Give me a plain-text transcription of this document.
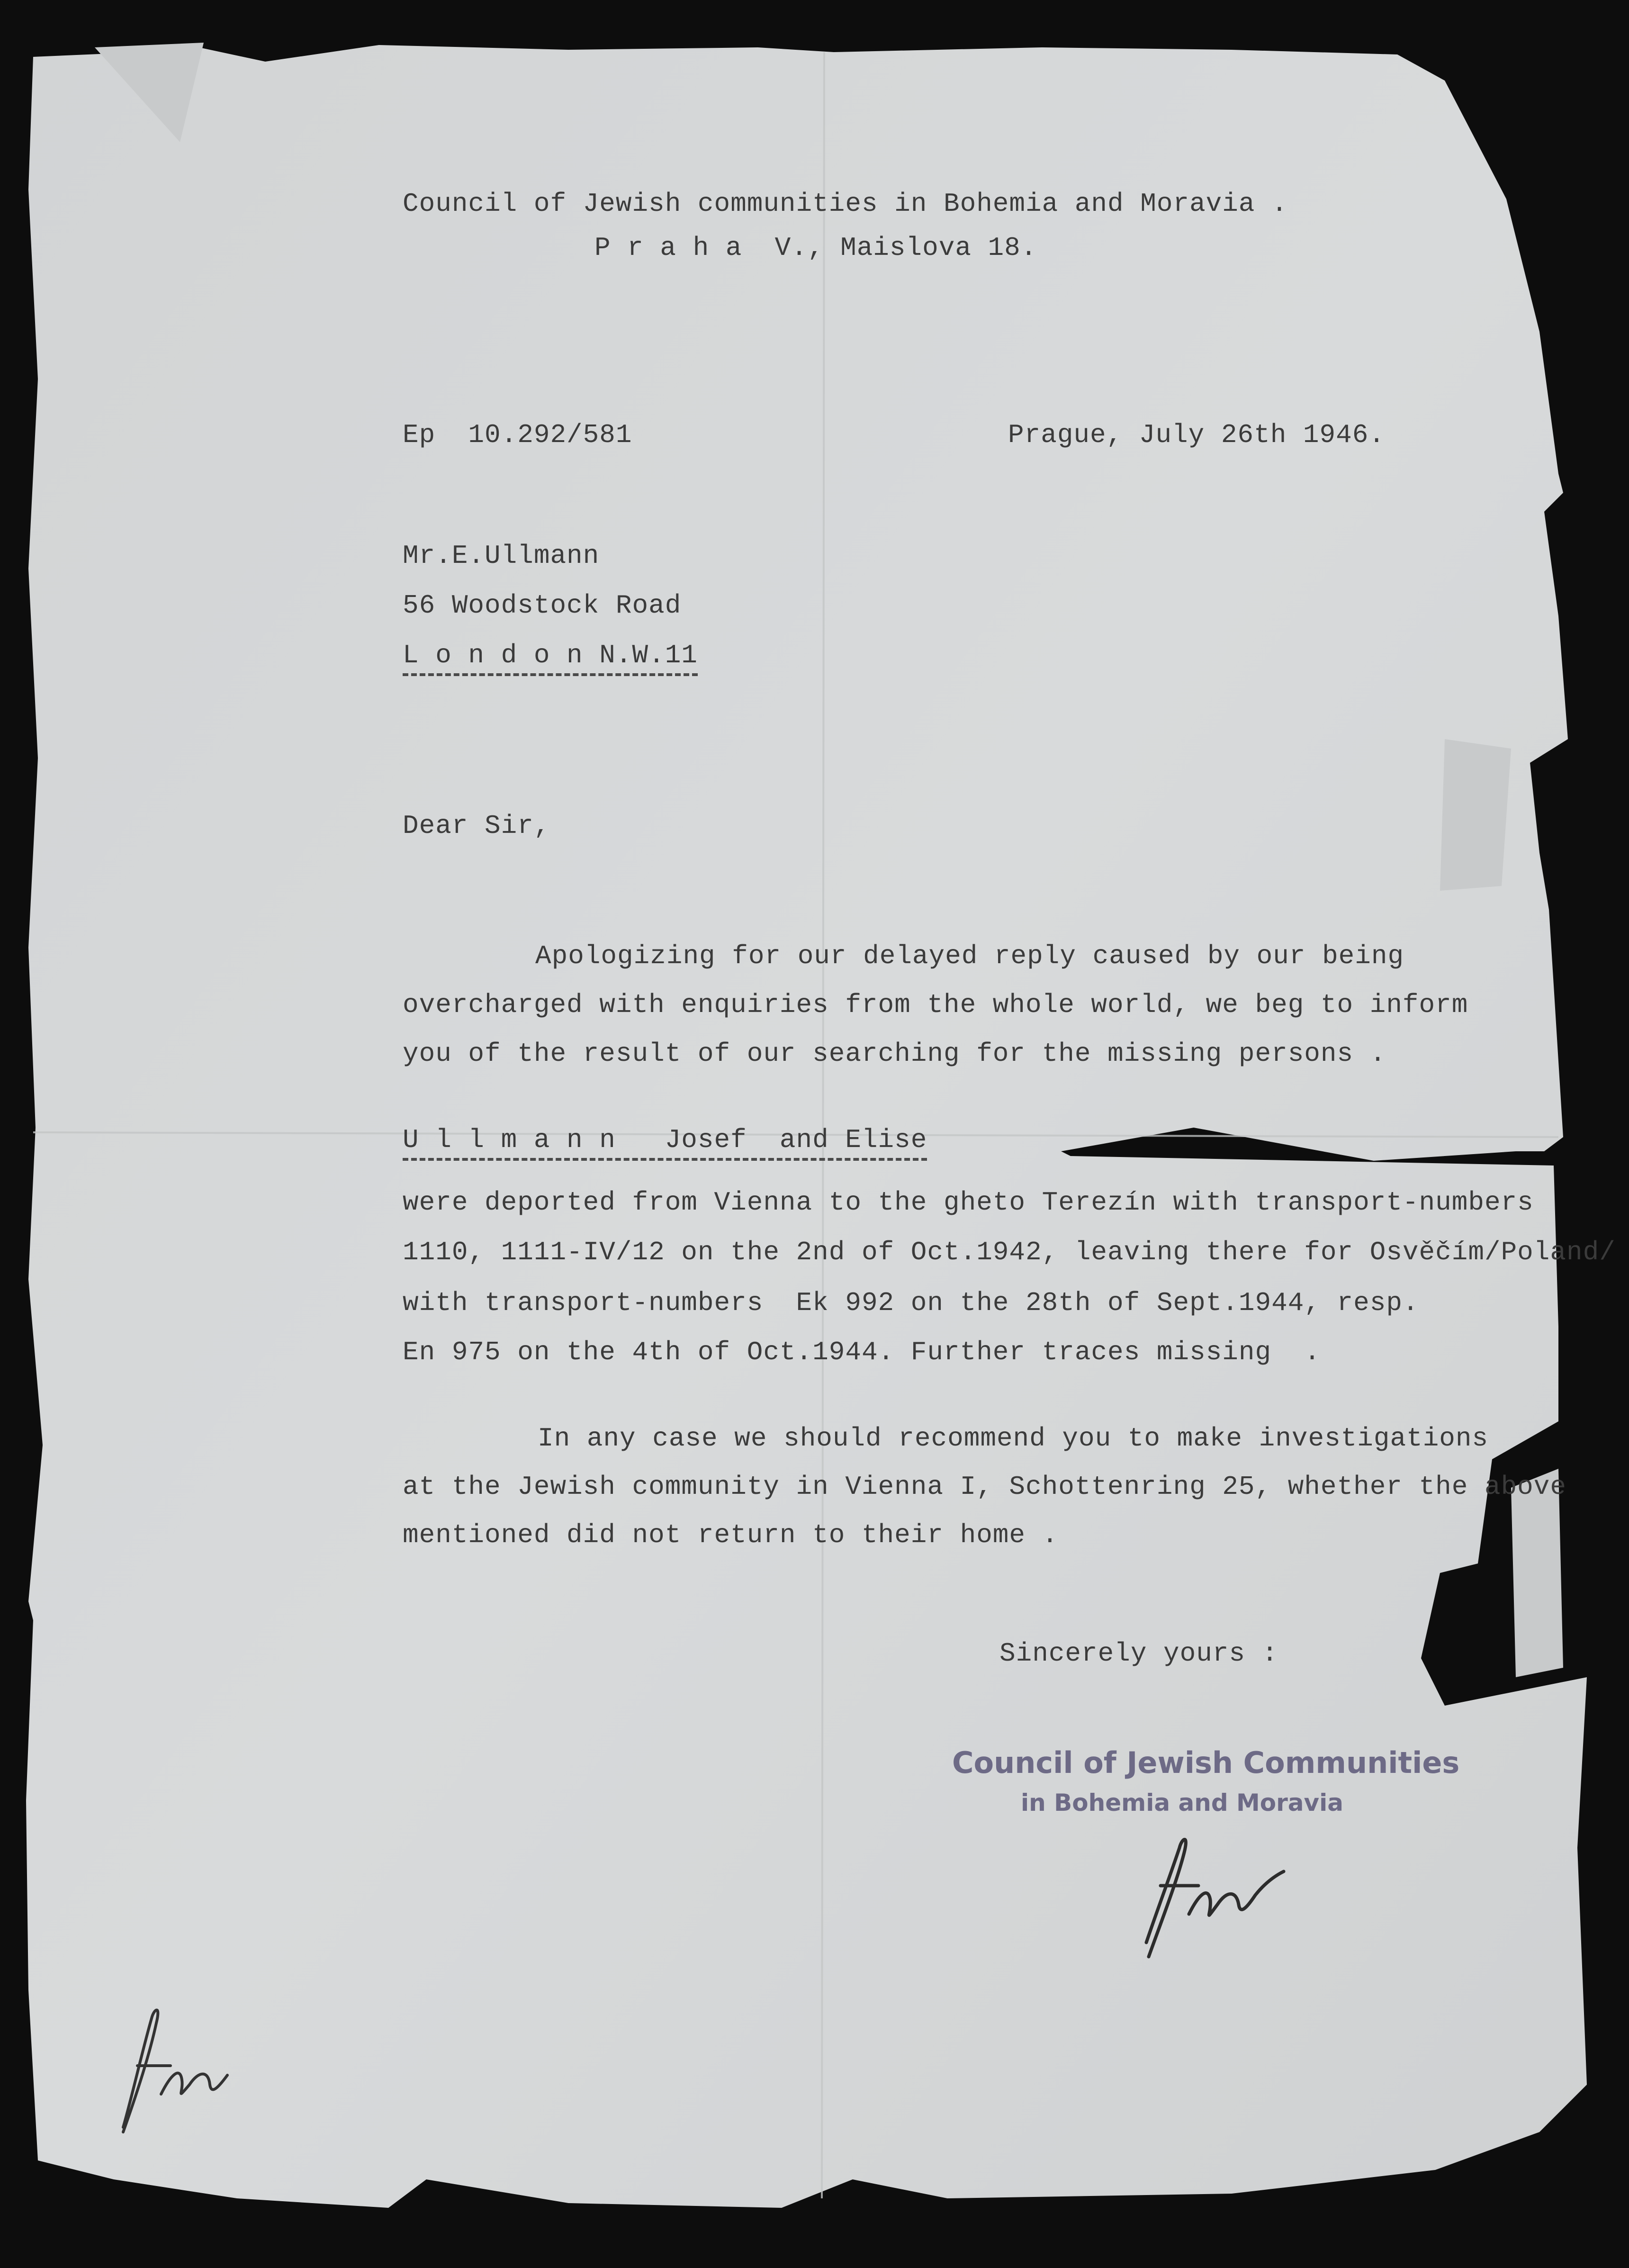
Council of Jewish communities in Bohemia and Moravia .
P r a h a  V., Maislova 18.
Ep  10.292/581	Prague, July 26th 1946.
Mr.E.Ullmann
56 Woodstock Road
L o n d o n N.W.11
Dear Sir,
Apologizing for our delayed reply caused by our being
overcharged with enquiries from the whole world, we beg to inform
you of the result of our searching for the missing persons .
U l l m a n n   Josef  and Elise
were deported from Vienna to the gheto Terezín with transport-numbers
1110, 1111-IV/12 on the 2nd of Oct.1942, leaving there for Osvěčím/Poland/
with transport-numbers  Ek 992 on the 28th of Sept.1944, resp.
En 975 on the 4th of Oct.1944. Further traces missing  .
In any case we should recommend you to make investigations
at the Jewish community in Vienna I, Schottenring 25, whether the above
mentioned did not return to their home .
Sincerely yours :
Council of Jewish Communities
in Bohemia and Moravia
